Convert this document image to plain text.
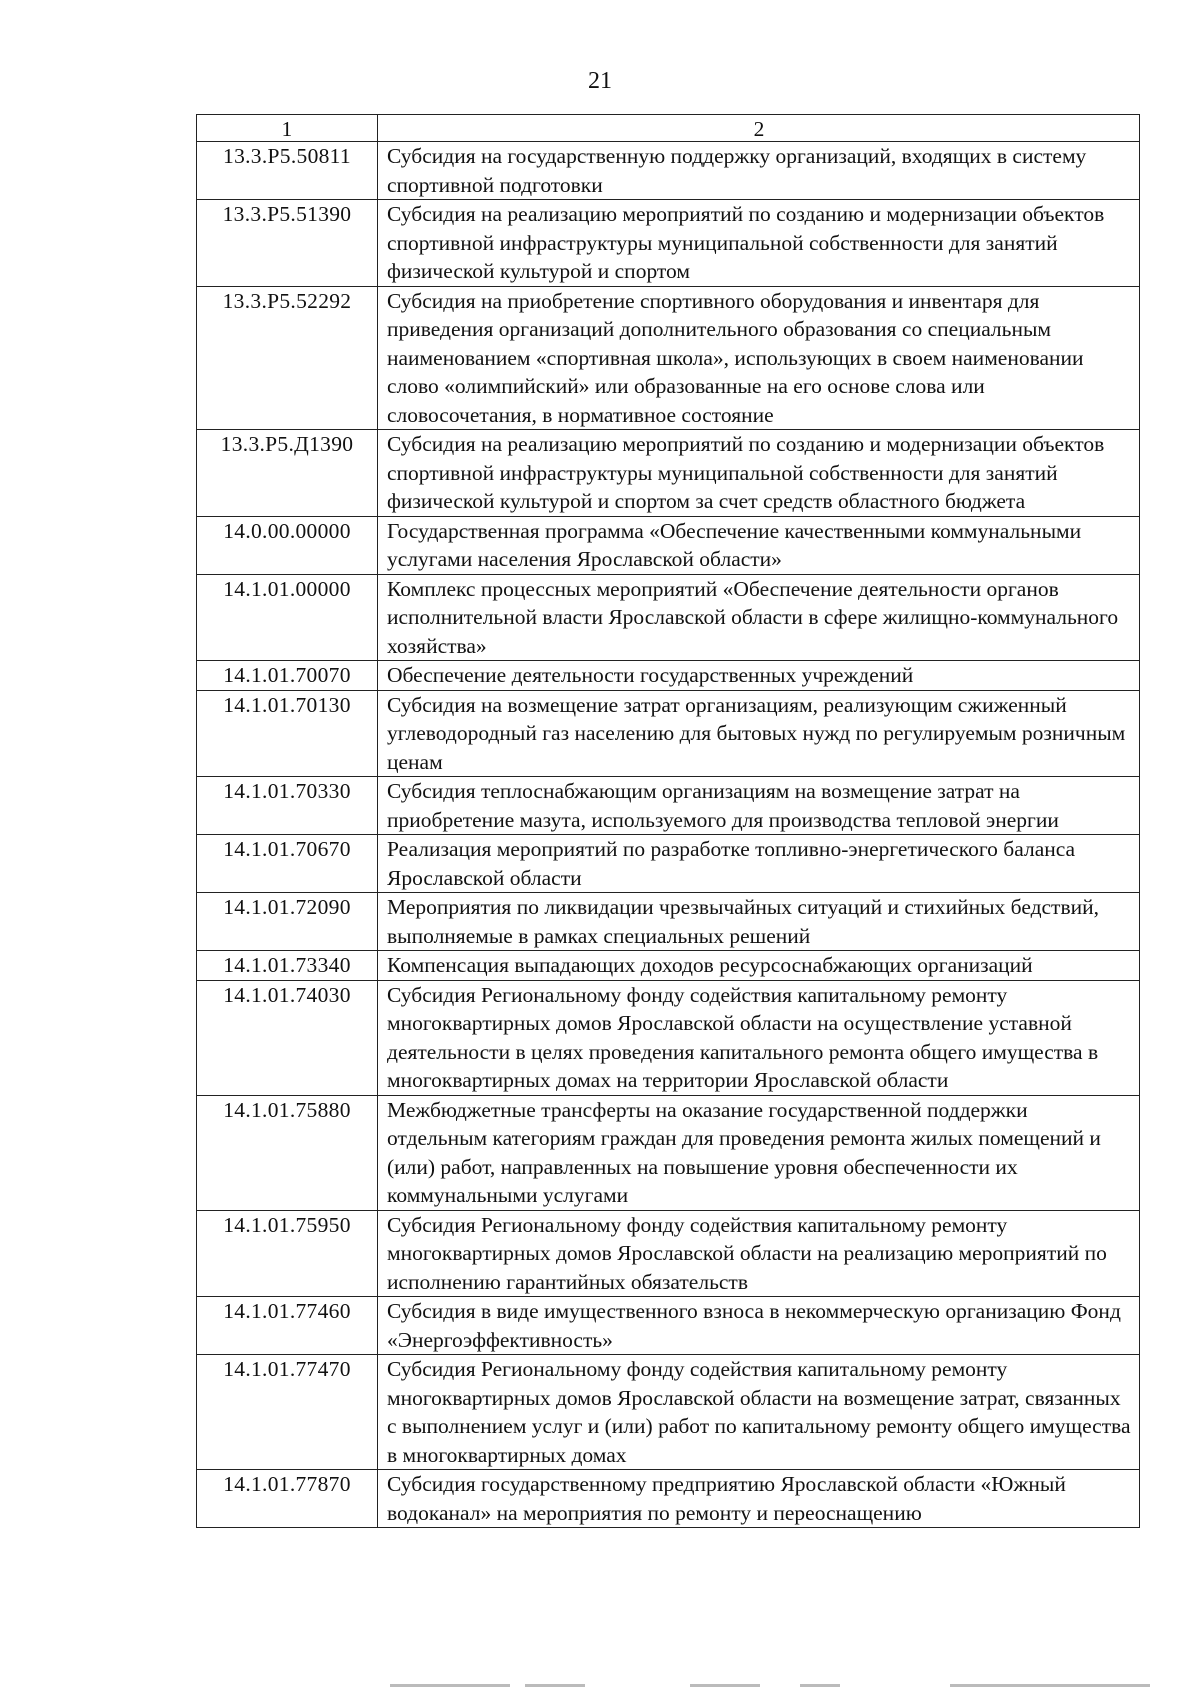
21
1	2
13.3.Р5.50811	Субсидия на государственную поддержку организаций, входящих в систему спортивной подготовки
13.3.Р5.51390	Субсидия на реализацию мероприятий по созданию и модернизации объектов спортивной инфраструктуры муниципальной собственности для занятий физической культурой и спортом
13.3.Р5.52292	Субсидия на приобретение спортивного оборудования и инвентаря для приведения организаций дополнительного образования со специальным наименованием «спортивная школа», использующих в своем наименовании слово «олимпийский» или образованные на его основе слова или словосочетания, в нормативное состояние
13.3.Р5.Д1390	Субсидия на реализацию мероприятий по созданию и модернизации объектов спортивной инфраструктуры муниципальной собственности для занятий физической культурой и спортом за счет средств областного бюджета
14.0.00.00000	Государственная программа «Обеспечение качественными коммунальными услугами населения Ярославской области»
14.1.01.00000	Комплекс процессных мероприятий «Обеспечение деятельности органов исполнительной власти Ярославской области в сфере жилищно-коммунального хозяйства»
14.1.01.70070	Обеспечение деятельности государственных учреждений
14.1.01.70130	Субсидия на возмещение затрат организациям, реализующим сжиженный углеводородный газ населению для бытовых нужд по регулируемым розничным ценам
14.1.01.70330	Субсидия теплоснабжающим организациям на возмещение затрат на приобретение мазута, используемого для производства тепловой энергии
14.1.01.70670	Реализация мероприятий по разработке топливно-энергетического баланса Ярославской области
14.1.01.72090	Мероприятия по ликвидации чрезвычайных ситуаций и стихийных бедствий, выполняемые в рамках специальных решений
14.1.01.73340	Компенсация выпадающих доходов ресурсоснабжающих организаций
14.1.01.74030	Субсидия Региональному фонду содействия капитальному ремонту многоквартирных домов Ярославской области на осуществление уставной деятельности в целях проведения капитального ремонта общего имущества в многоквартирных домах на территории Ярославской области
14.1.01.75880	Межбюджетные трансферты на оказание государственной поддержки отдельным категориям граждан для проведения ремонта жилых помещений и (или) работ, направленных на повышение уровня обеспеченности их коммунальными услугами
14.1.01.75950	Субсидия Региональному фонду содействия капитальному ремонту многоквартирных домов Ярославской области на реализацию мероприятий по исполнению гарантийных обязательств
14.1.01.77460	Субсидия в виде имущественного взноса в некоммерческую организацию Фонд «Энергоэффективность»
14.1.01.77470	Субсидия Региональному фонду содействия капитальному ремонту многоквартирных домов Ярославской области на возмещение затрат, связанных с выполнением услуг и (или) работ по капитальному ремонту общего имущества в многоквартирных домах
14.1.01.77870	Субсидия государственному предприятию Ярославской области «Южный водоканал» на мероприятия по ремонту и переоснащению
